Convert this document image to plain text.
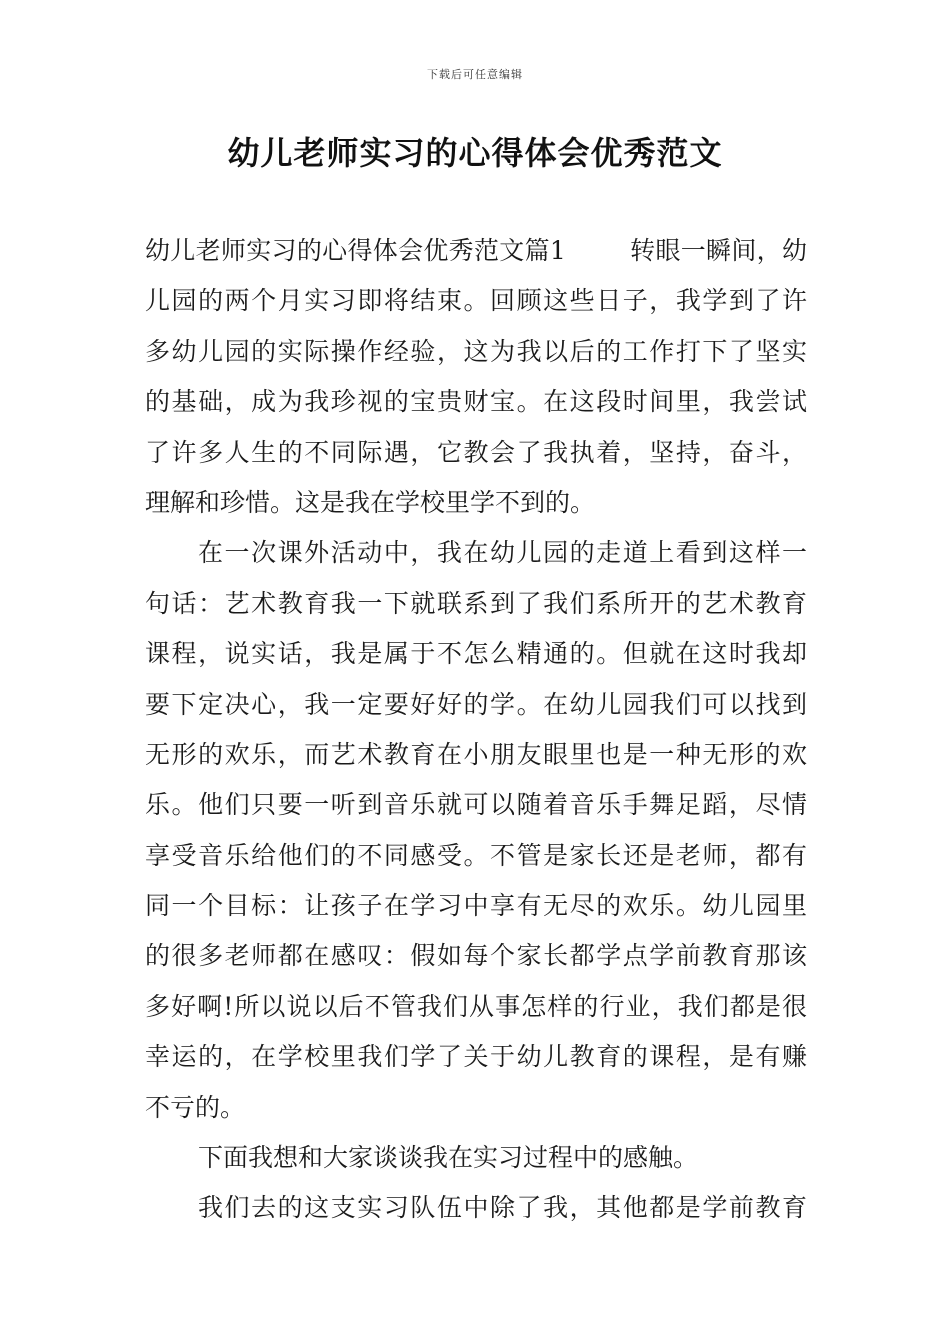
下载后可任意编辑
幼儿老师实习的心得体会优秀范文
幼儿老师实习的心得体会优秀范文篇1	转眼一瞬间，幼
儿园的两个月实习即将结束。回顾这些日子，我学到了许
多幼儿园的实际操作经验，这为我以后的工作打下了坚实
的基础，成为我珍视的宝贵财宝。在这段时间里，我尝试
了许多人生的不同际遇，它教会了我执着，坚持，奋斗，
理解和珍惜。这是我在学校里学不到的。
在一次课外活动中，我在幼儿园的走道上看到这样一
句话：艺术教育我一下就联系到了我们系所开的艺术教育
课程，说实话，我是属于不怎么精通的。但就在这时我却
要下定决心，我一定要好好的学。在幼儿园我们可以找到
无形的欢乐，而艺术教育在小朋友眼里也是一种无形的欢
乐。他们只要一听到音乐就可以随着音乐手舞足蹈，尽情
享受音乐给他们的不同感受。不管是家长还是老师，都有
同一个目标：让孩子在学习中享有无尽的欢乐。幼儿园里
的很多老师都在感叹：假如每个家长都学点学前教育那该
多好啊!所以说以后不管我们从事怎样的行业，我们都是很
幸运的，在学校里我们学了关于幼儿教育的课程，是有赚
不亏的。
下面我想和大家谈谈我在实习过程中的感触。
我们去的这支实习队伍中除了我，其他都是学前教育
